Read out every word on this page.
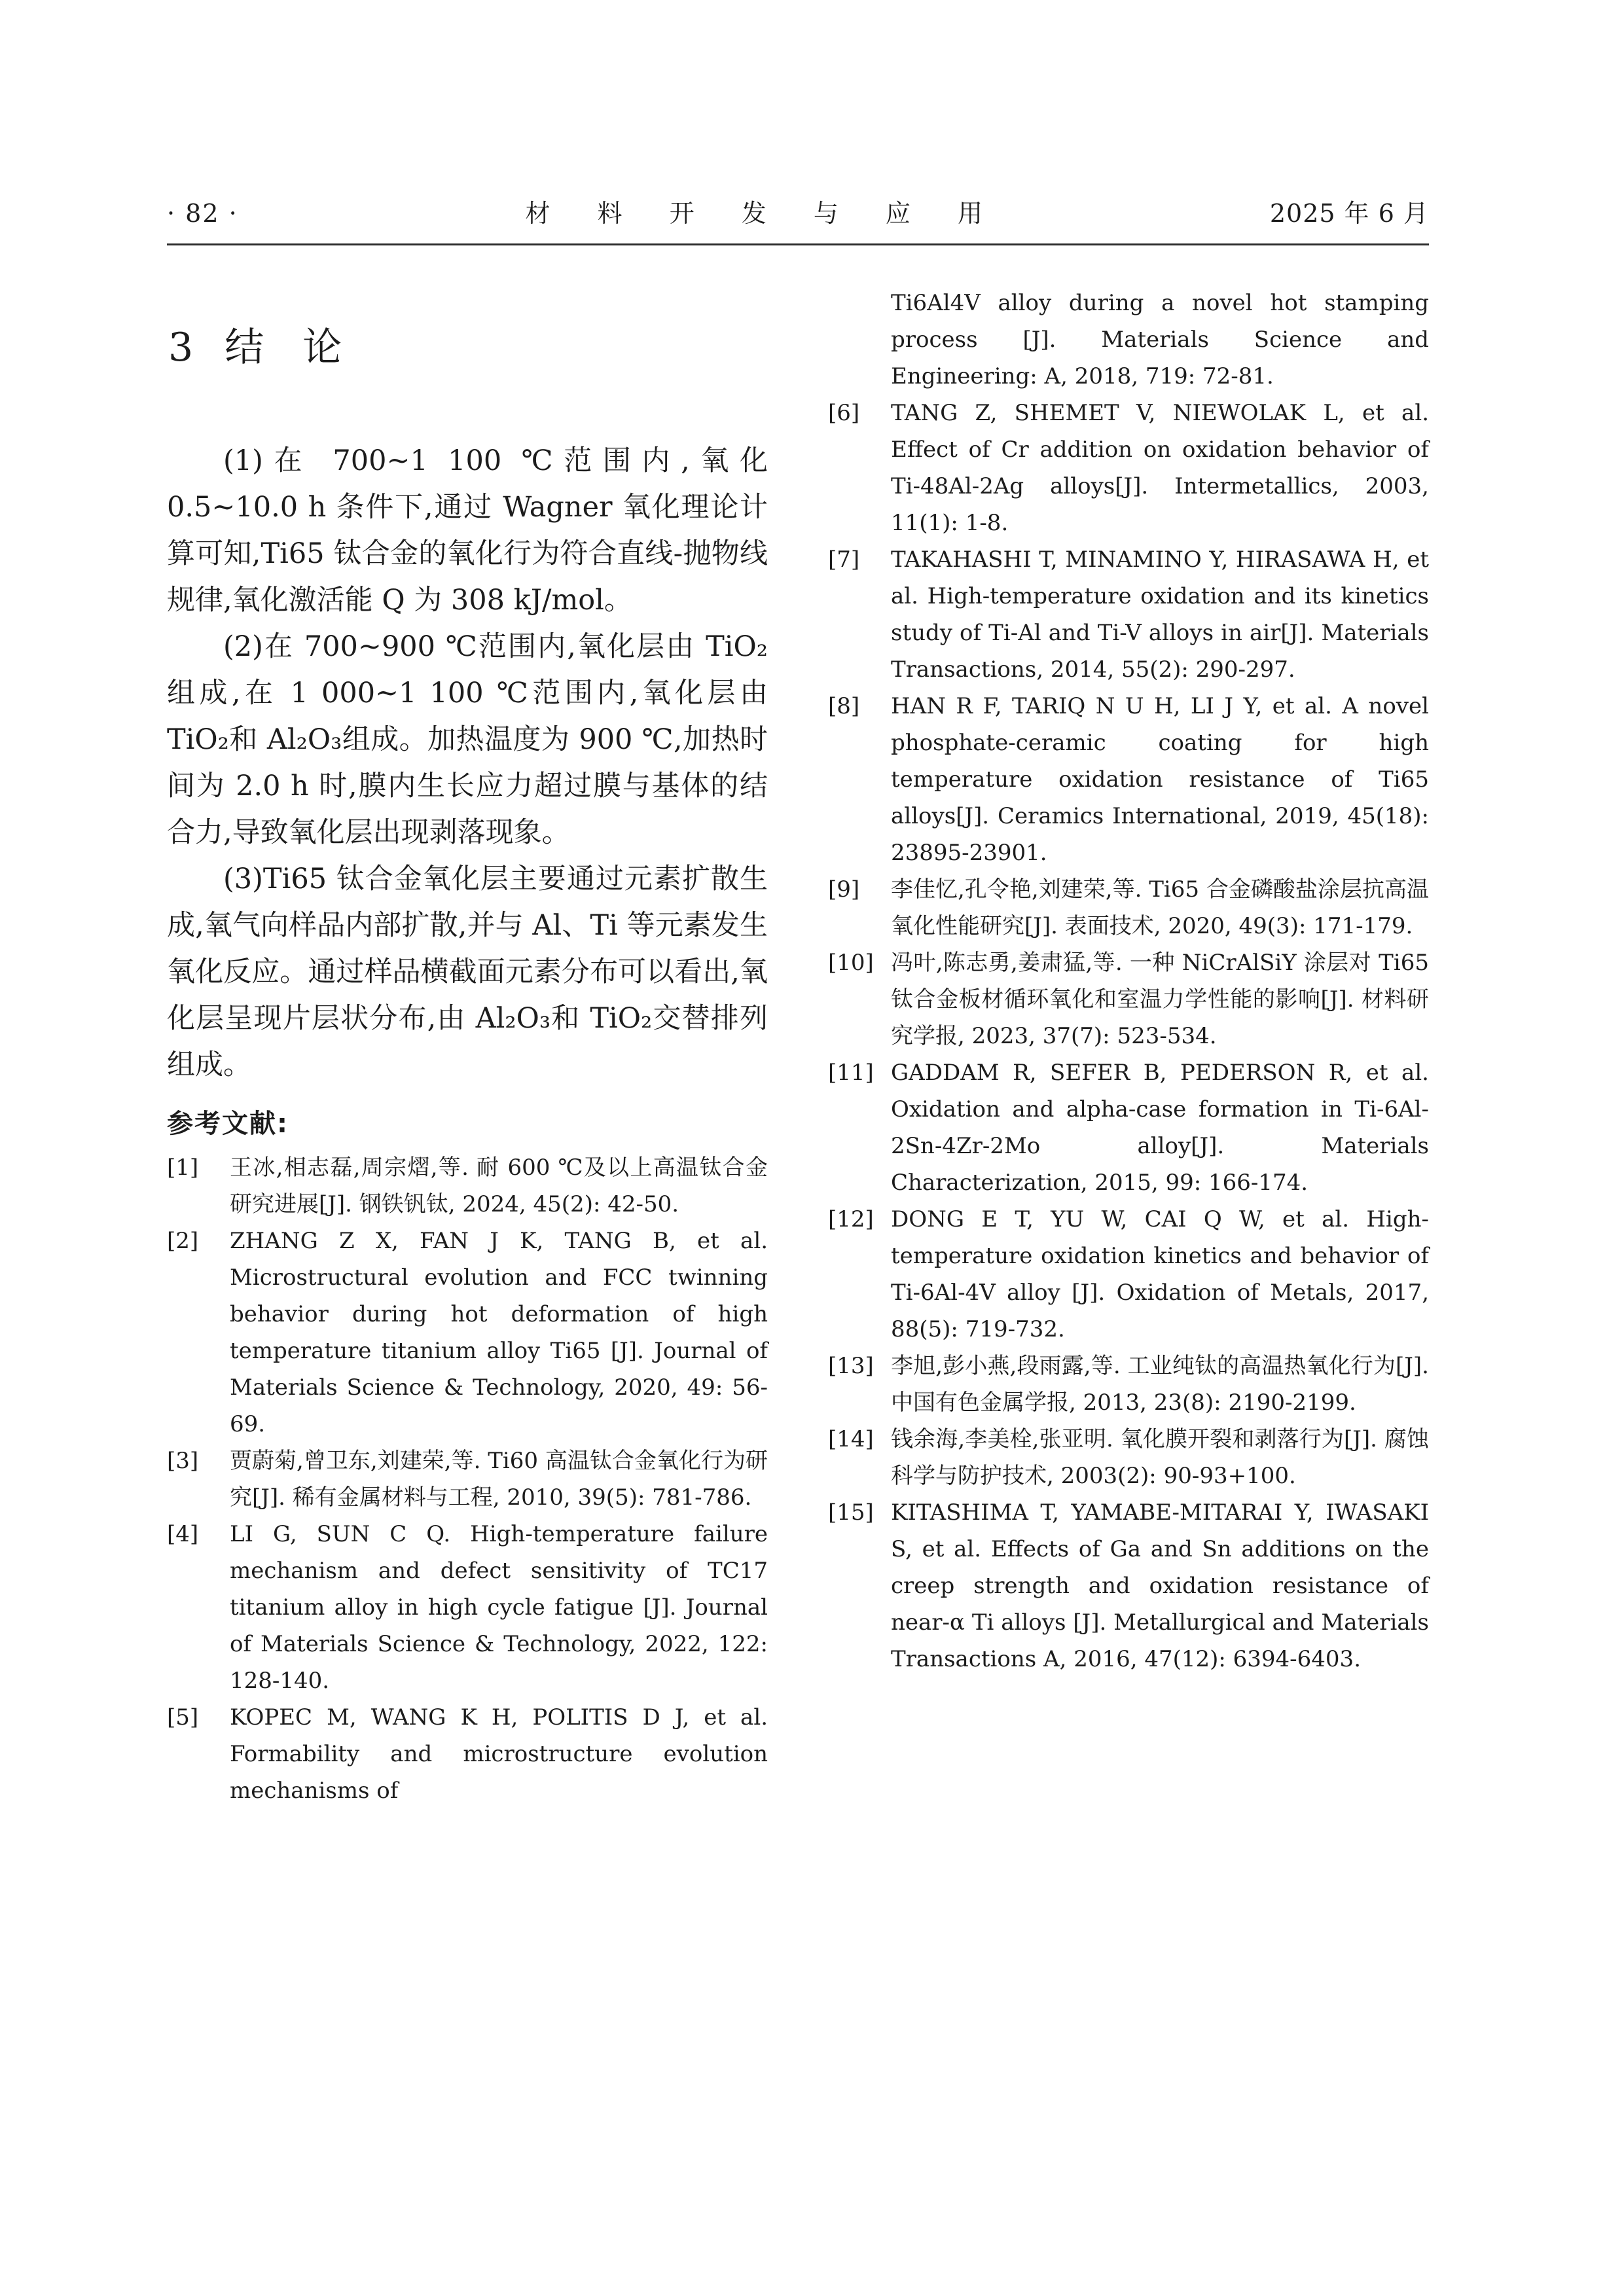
· 82 ·	材 料 开 发 与 应 用	2025 年 6 月
3 结 论

(1)在 700~1 100 ℃范围内,氧化 0.5~10.0 h 条件下,通过 Wagner 氧化理论计算可知,Ti65 钛合金的氧化行为符合直线-抛物线规律,氧化激活能 Q 为 308 kJ/mol。

(2)在 700~900 ℃范围内,氧化层由 TiO₂组成,在 1 000~1 100 ℃范围内,氧化层由 TiO₂和 Al₂O₃组成。加热温度为 900 ℃,加热时间为 2.0 h 时,膜内生长应力超过膜与基体的结合力,导致氧化层出现剥落现象。

(3)Ti65 钛合金氧化层主要通过元素扩散生成,氧气向样品内部扩散,并与 Al、Ti 等元素发生氧化反应。通过样品横截面元素分布可以看出,氧化层呈现片层状分布,由 Al₂O₃和 TiO₂交替排列组成。

参考文献:
[1]	王冰,相志磊,周宗熠,等. 耐 600 ℃及以上高温钛合金研究进展[J]. 钢铁钒钛, 2024, 45(2): 42-50.
[2]	ZHANG Z X, FAN J K, TANG B, et al. Microstructural evolution and FCC twinning behavior during hot deformation of high temperature titanium alloy Ti65 [J]. Journal of Materials Science & Technology, 2020, 49: 56-69.
[3]	贾蔚菊,曾卫东,刘建荣,等. Ti60 高温钛合金氧化行为研究[J]. 稀有金属材料与工程, 2010, 39(5): 781-786.
[4]	LI G, SUN C Q. High-temperature failure mechanism and defect sensitivity of TC17 titanium alloy in high cycle fatigue [J]. Journal of Materials Science & Technology, 2022, 122: 128-140.
[5]	KOPEC M, WANG K H, POLITIS D J, et al. Formability and microstructure evolution mechanisms of
Ti6Al4V alloy during a novel hot stamping process [J]. Materials Science and Engineering: A, 2018, 719: 72-81.
[6]	TANG Z, SHEMET V, NIEWOLAK L, et al. Effect of Cr addition on oxidation behavior of Ti-48Al-2Ag alloys[J]. Intermetallics, 2003, 11(1): 1-8.
[7]	TAKAHASHI T, MINAMINO Y, HIRASAWA H, et al. High-temperature oxidation and its kinetics study of Ti-Al and Ti-V alloys in air[J]. Materials Transactions, 2014, 55(2): 290-297.
[8]	HAN R F, TARIQ N U H, LI J Y, et al. A novel phosphate-ceramic coating for high temperature oxidation resistance of Ti65 alloys[J]. Ceramics International, 2019, 45(18): 23895-23901.
[9]	李佳忆,孔令艳,刘建荣,等. Ti65 合金磷酸盐涂层抗高温氧化性能研究[J]. 表面技术, 2020, 49(3): 171-179.
[10] 冯叶,陈志勇,姜肃猛,等. 一种 NiCrAlSiY 涂层对 Ti65 钛合金板材循环氧化和室温力学性能的影响[J]. 材料研究学报, 2023, 37(7): 523-534.
[11] GADDAM R, SEFER B, PEDERSON R, et al. Oxidation and alpha-case formation in Ti-6Al-2Sn-4Zr-2Mo alloy[J]. Materials Characterization, 2015, 99: 166-174.
[12] DONG E T, YU W, CAI Q W, et al. High-temperature oxidation kinetics and behavior of Ti-6Al-4V alloy [J]. Oxidation of Metals, 2017, 88(5): 719-732.
[13] 李旭,彭小燕,段雨露,等. 工业纯钛的高温热氧化行为[J]. 中国有色金属学报, 2013, 23(8): 2190-2199.
[14] 钱余海,李美栓,张亚明. 氧化膜开裂和剥落行为[J]. 腐蚀科学与防护技术, 2003(2): 90-93+100.
[15] KITASHIMA T, YAMABE-MITARAI Y, IWASAKI S, et al. Effects of Ga and Sn additions on the creep strength and oxidation resistance of near-α Ti alloys [J]. Metallurgical and Materials Transactions A, 2016, 47(12): 6394-6403.
